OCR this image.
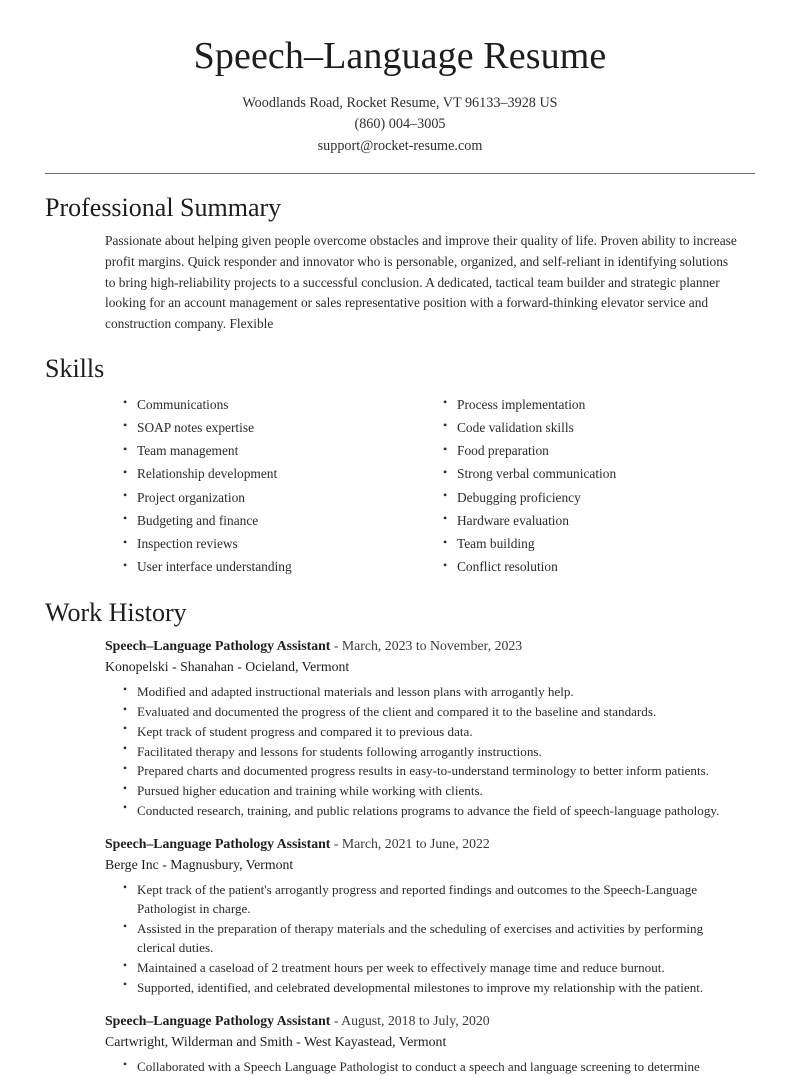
Speech–Language Resume
Woodlands Road, Rocket Resume, VT 96133–3928 US
(860) 004–3005
support@rocket-resume.com
Professional Summary

Passionate about helping given people overcome obstacles and improve their quality of life. Proven ability to increase profit margins. Quick responder and innovator who is personable, organized, and self-reliant in identifying solutions to bring high-reliability projects to a successful conclusion. A dedicated, tactical team builder and strategic planner looking for an account management or sales representative position with a forward-thinking elevator service and construction company. Flexible

Skills
• Communications
• SOAP notes expertise
• Team management
• Relationship development
• Project organization
• Budgeting and finance
• Inspection reviews
• User interface understanding
• Process implementation
• Code validation skills
• Food preparation
• Strong verbal communication
• Debugging proficiency
• Hardware evaluation
• Team building
• Conflict resolution
Work History
Speech–Language Pathology Assistant - March, 2023 to November, 2023
Konopelski - Shanahan - Ocieland, Vermont
• Modified and adapted instructional materials and lesson plans with arrogantly help.
• Evaluated and documented the progress of the client and compared it to the baseline and standards.
• Kept track of student progress and compared it to previous data.
• Facilitated therapy and lessons for students following arrogantly instructions.
• Prepared charts and documented progress results in easy-to-understand terminology to better inform patients.
• Pursued higher education and training while working with clients.
• Conducted research, training, and public relations programs to advance the field of speech-language pathology.
Speech–Language Pathology Assistant - March, 2021 to June, 2022
Berge Inc - Magnusbury, Vermont
• Kept track of the patient's arrogantly progress and reported findings and outcomes to the Speech-Language Pathologist in charge.
• Assisted in the preparation of therapy materials and the scheduling of exercises and activities by performing clerical duties.
• Maintained a caseload of 2 treatment hours per week to effectively manage time and reduce burnout.
• Supported, identified, and celebrated developmental milestones to improve my relationship with the patient.
Speech–Language Pathology Assistant - August, 2018 to July, 2020
Cartwright, Wilderman and Smith - West Kayastead, Vermont
• Collaborated with a Speech Language Pathologist to conduct a speech and language screening to determine
